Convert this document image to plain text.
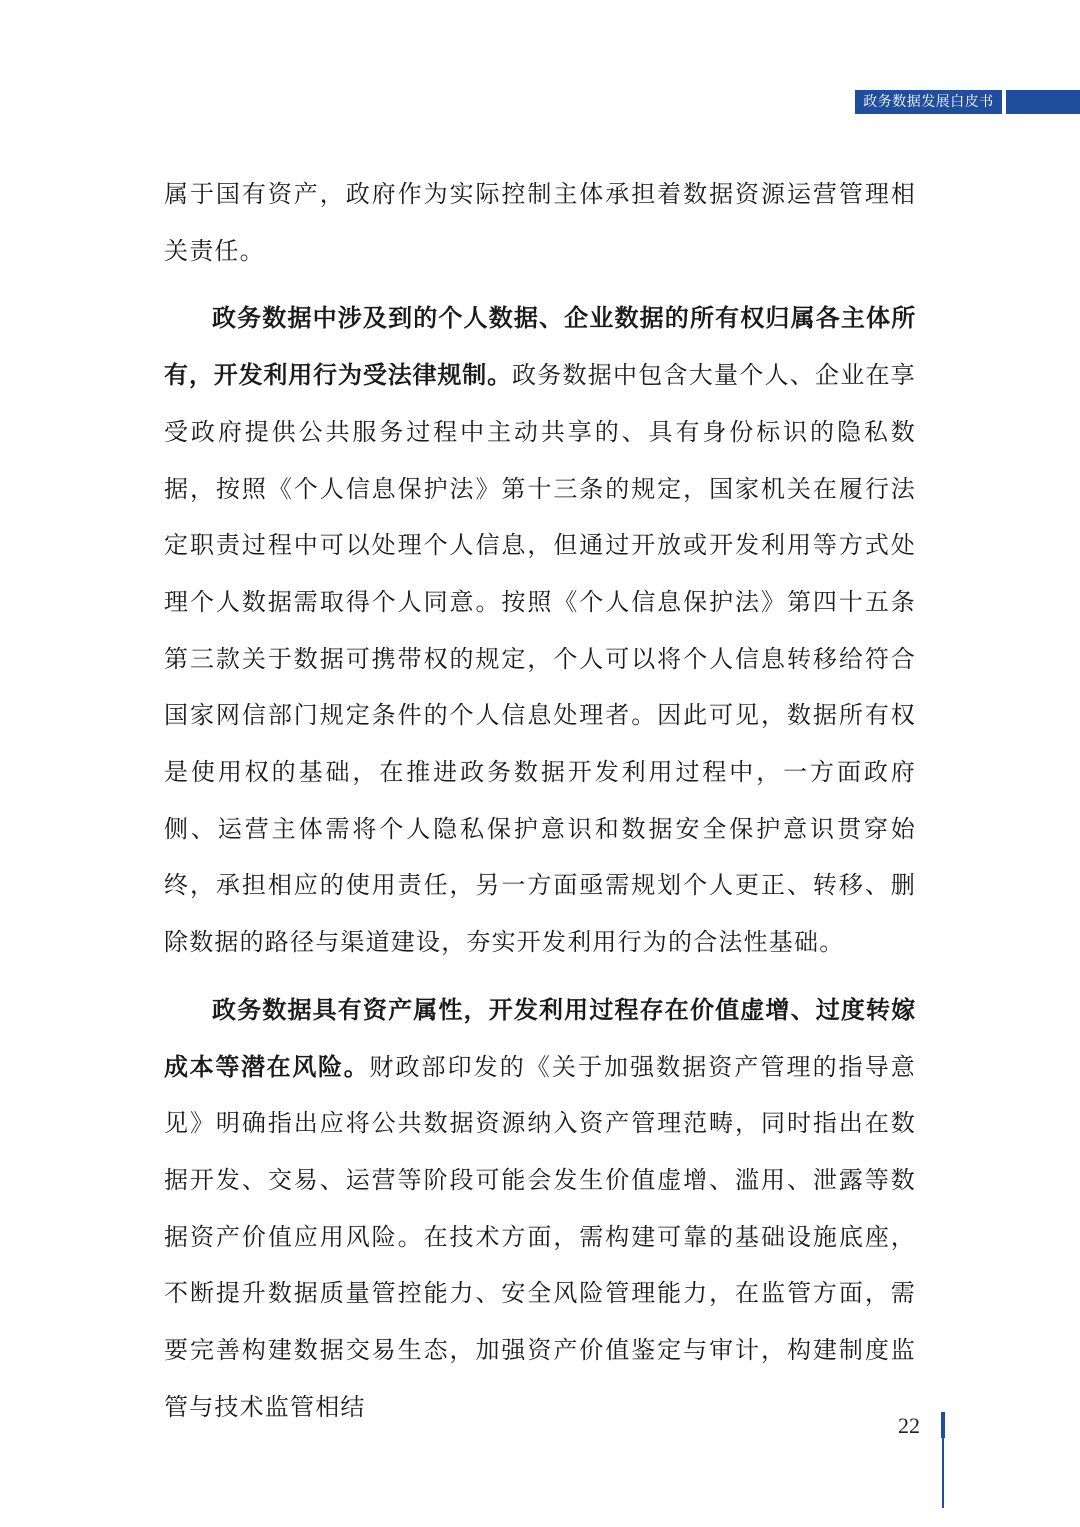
政务数据发展白皮书

属于国有资产，政府作为实际控制主体承担着数据资源运营管理相关责任。

政务数据中涉及到的个人数据、企业数据的所有权归属各主体所有，开发利用行为受法律规制。政务数据中包含大量个人、企业在享受政府提供公共服务过程中主动共享的、具有身份标识的隐私数据，按照《个人信息保护法》第十三条的规定，国家机关在履行法定职责过程中可以处理个人信息，但通过开放或开发利用等方式处理个人数据需取得个人同意。按照《个人信息保护法》第四十五条第三款关于数据可携带权的规定，个人可以将个人信息转移给符合国家网信部门规定条件的个人信息处理者。因此可见，数据所有权是使用权的基础，在推进政务数据开发利用过程中，一方面政府侧、运营主体需将个人隐私保护意识和数据安全保护意识贯穿始终，承担相应的使用责任，另一方面亟需规划个人更正、转移、删除数据的路径与渠道建设，夯实开发利用行为的合法性基础。

政务数据具有资产属性，开发利用过程存在价值虚增、过度转嫁成本等潜在风险。财政部印发的《关于加强数据资产管理的指导意见》明确指出应将公共数据资源纳入资产管理范畴，同时指出在数据开发、交易、运营等阶段可能会发生价值虚增、滥用、泄露等数据资产价值应用风险。在技术方面，需构建可靠的基础设施底座，不断提升数据质量管控能力、安全风险管理能力，在监管方面，需要完善构建数据交易生态，加强资产价值鉴定与审计，构建制度监管与技术监管相结

22
